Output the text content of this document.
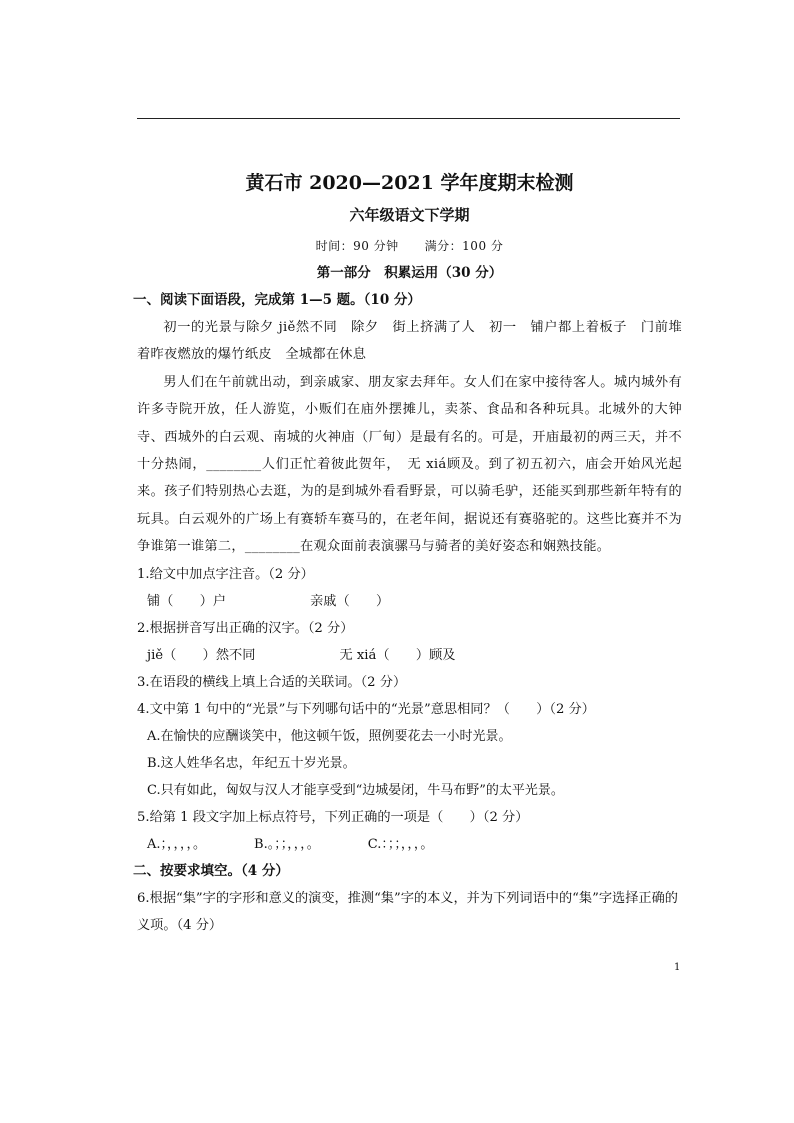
黄石市 2020—2021 学年度期末检测
六年级语文下学期
时间：90 分钟 满分：100 分
第一部分　积累运用（30 分）
一、阅读下面语段，完成第 1—5 题。（10 分）

初一的光景与除夕 jiě然不同　除夕　街上挤满了人　初一　铺户都上着板子　门前堆着昨夜燃放的爆竹纸皮　全城都在休息

男人们在午前就出动，到亲戚家、朋友家去拜年。女人们在家中接待客人。城内城外有许多寺院开放，任人游览，小贩们在庙外摆摊儿，卖茶、食品和各种玩具。北城外的大钟寺、西城外的白云观、南城的火神庙（厂甸）是最有名的。可是，开庙最初的两三天，并不十分热闹，________人们正忙着彼此贺年，　无 xiá顾及。到了初五初六，庙会开始风光起来。孩子们特别热心去逛，为的是到城外看看野景，可以骑毛驴，还能买到那些新年特有的玩具。白云观外的广场上有赛轿车赛马的，在老年间，据说还有赛骆驼的。这些比赛并不为争谁第一谁第二，________在观众面前表演骡马与骑者的美好姿态和娴熟技能。

1.给文中加点字注音。（2 分）
铺（　　）户	亲戚（　　）
2.根据拼音写出正确的汉字。（2 分）
jiě（　　）然不同	无 xiá（　　）顾及
3.在语段的横线上填上合适的关联词。（2 分）
4.文中第 1 句中的“光景”与下列哪句话中的“光景”意思相同？（　　）（2 分）
A.在愉快的应酬谈笑中，他这顿午饭，照例要花去一小时光景。
B.这人姓华名忠，年纪五十岁光景。
C.只有如此，匈奴与汉人才能享受到“边城晏闭，牛马布野”的太平光景。
5.给第 1 段文字加上标点符号，下列正确的一项是（　　）（2 分）
A.；，，，，。	B.。；；，，，。	C.：；；，，，。
二、按要求填空。（4 分）

6.根据“集”字的字形和意义的演变，推测“集”字的本义，并为下列词语中的“集”字选择正确的义项。（4 分）

1
